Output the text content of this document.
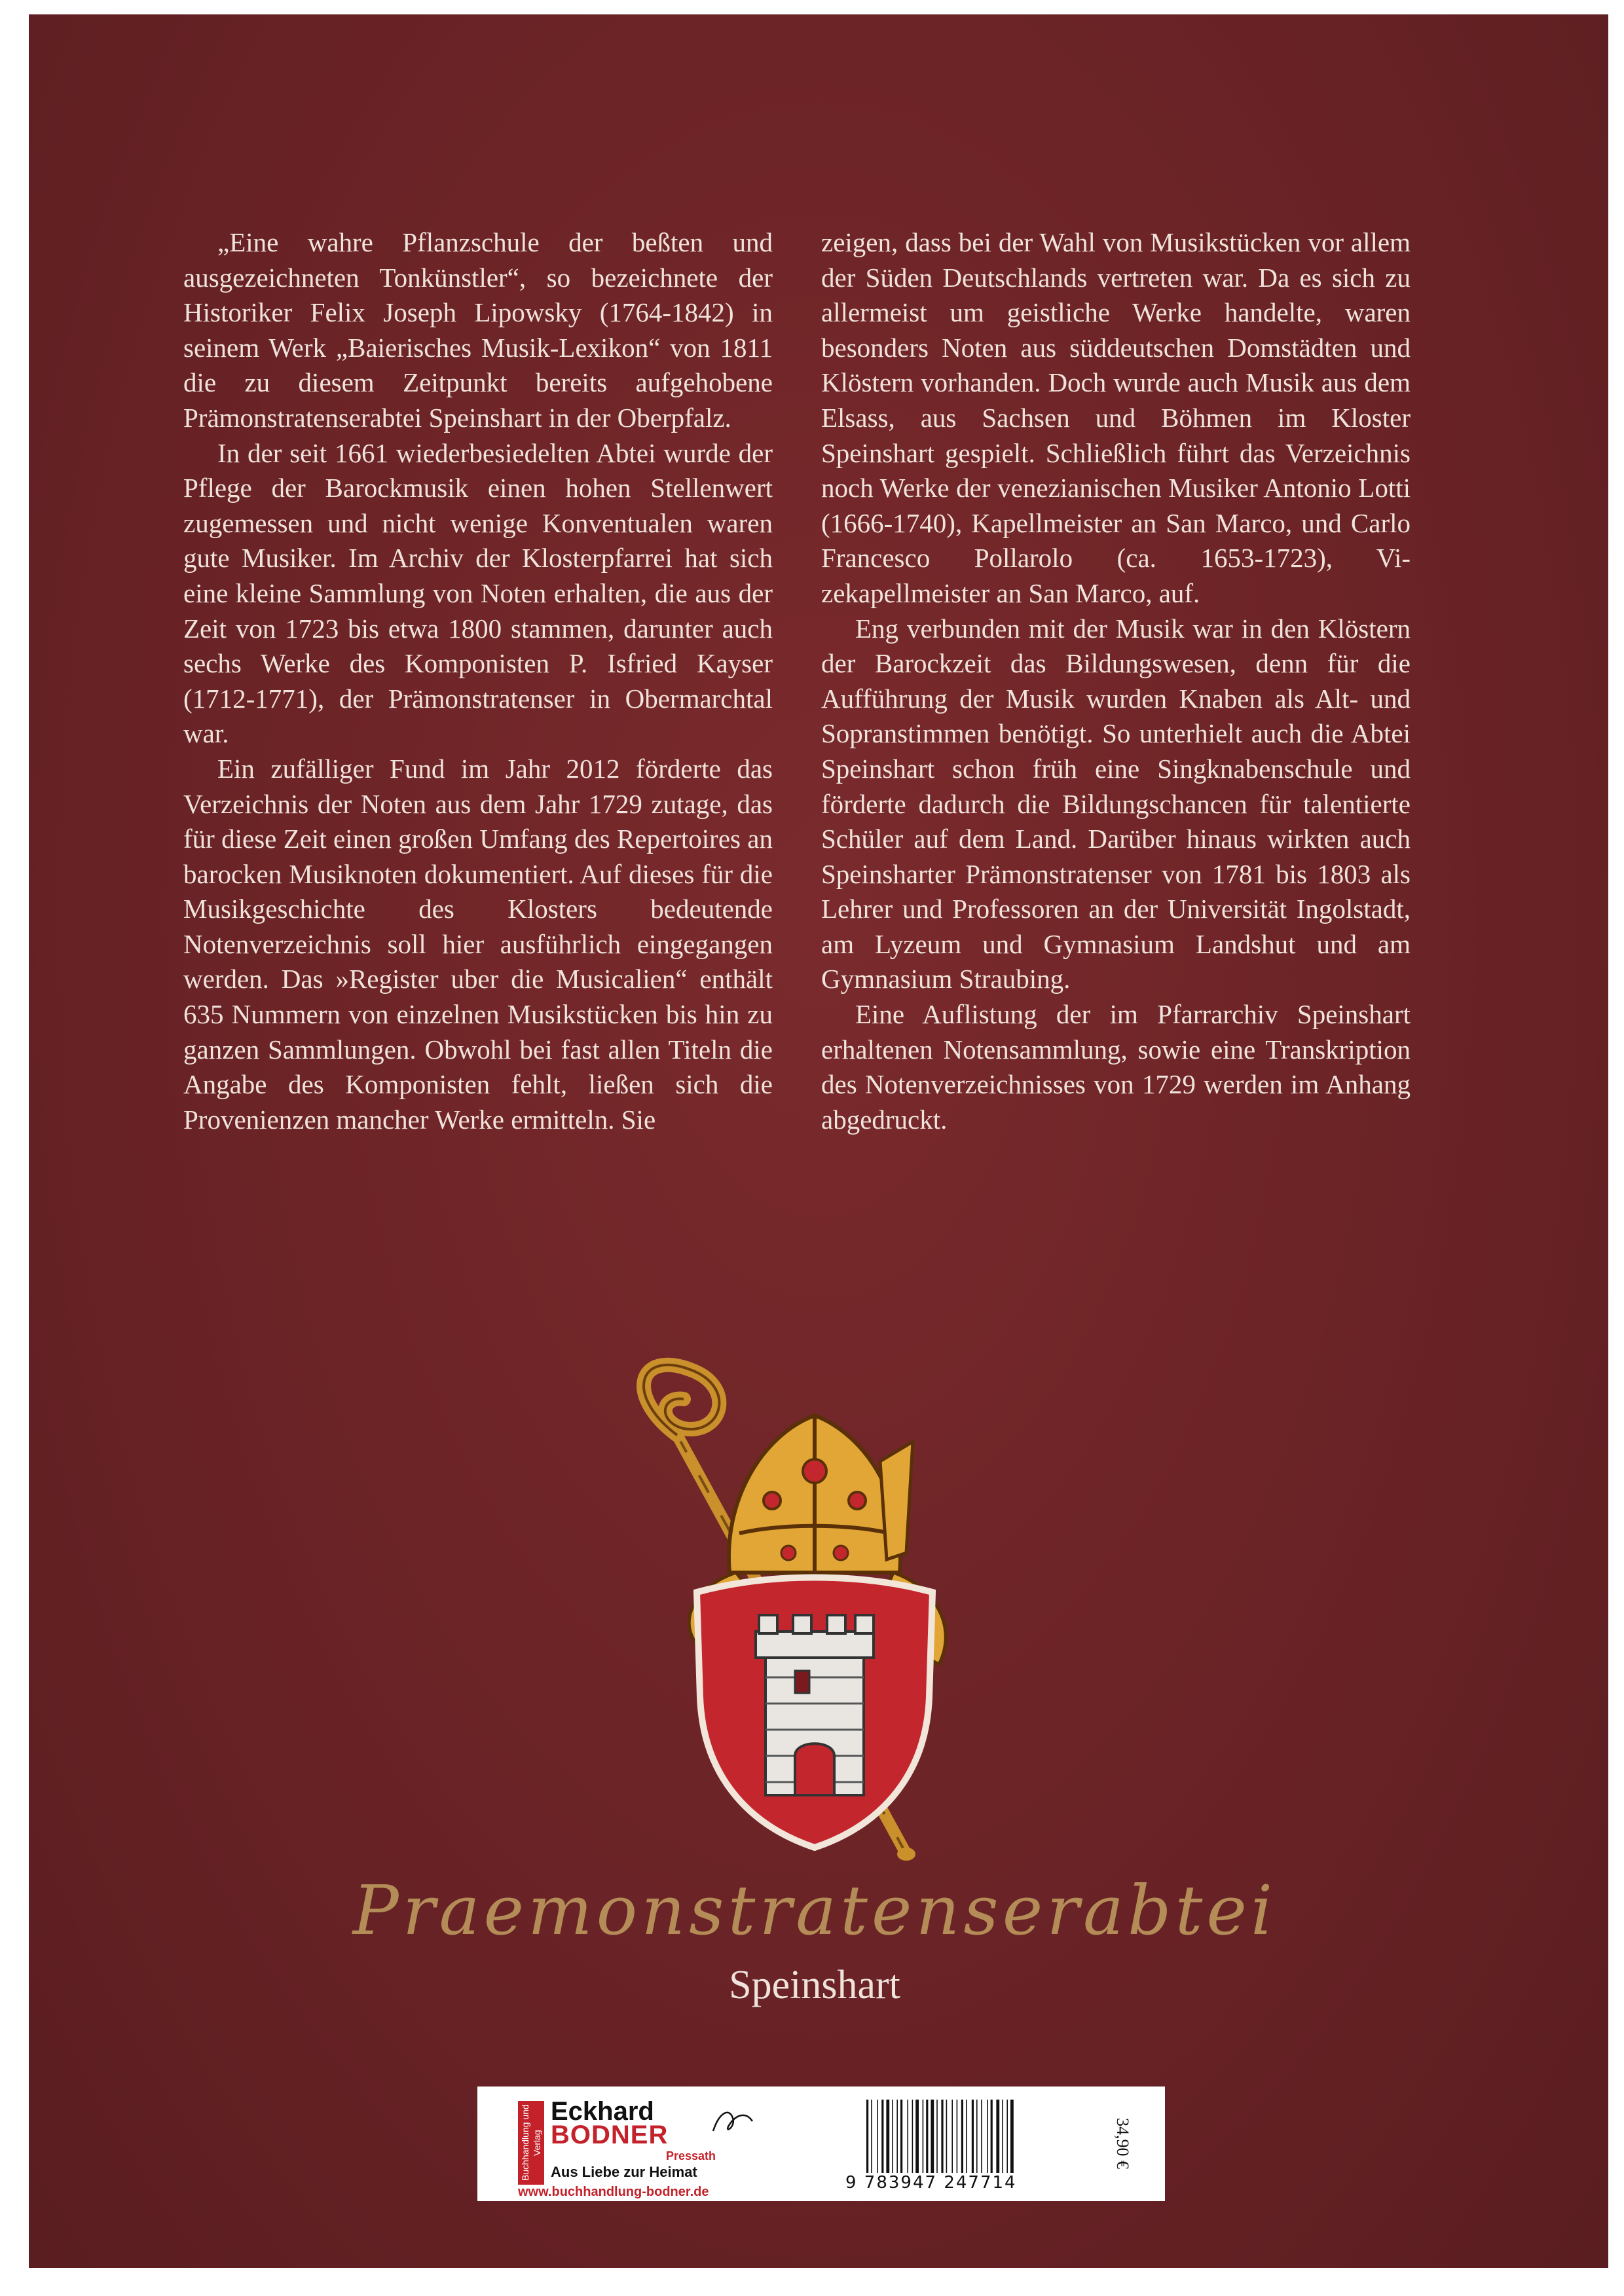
„Eine wahre Pflanzschule der beßten und ausgezeichneten Tonkünstler“, so bezeichnete der Historiker Felix Joseph Lipowsky (1764-1842) in seinem Werk „Baierisches Musik-Lexikon“ von 1811 die zu diesem Zeitpunkt bereits aufgehobene Prämonstratenserabtei Speinshart in der Oberpfalz.

In der seit 1661 wiederbesiedelten Abtei wurde der Pflege der Barockmusik einen hohen Stellenwert zugemessen und nicht wenige Konventualen waren gute Musiker. Im Archiv der Klosterpfarrei hat sich eine kleine Sammlung von Noten erhalten, die aus der Zeit von 1723 bis etwa 1800 stammen, darunter auch sechs Werke des Komponisten P. Isfried Kayser (1712-1771), der Prämonstratenser in Obermarchtal war.

Ein zufälliger Fund im Jahr 2012 förderte das Verzeichnis der Noten aus dem Jahr 1729 zutage, das für diese Zeit einen großen Umfang des Repertoires an barocken Musiknoten dokumentiert. Auf dieses für die Musikgeschichte des Klosters bedeutende Notenverzeichnis soll hier ausführlich eingegangen werden. Das »Register uber die Musicalien“ enthält 635 Nummern von einzelnen Musikstücken bis hin zu ganzen Sammlungen. Obwohl bei fast allen Titeln die Angabe des Komponisten fehlt, ließen sich die Provenienzen mancher Werke ermitteln. Sie

zeigen, dass bei der Wahl von Musikstücken vor allem der Süden Deutschlands vertreten war. Da es sich zu allermeist um geistliche Werke handelte, waren besonders Noten aus süddeutschen Domstädten und Klöstern vorhanden. Doch wurde auch Musik aus dem Elsass, aus Sachsen und Böhmen im Kloster Speinshart gespielt. Schließlich führt das Verzeichnis noch Werke der venezianischen Musiker Antonio Lotti (1666-1740), Kapellmeister an San Marco, und Carlo Francesco Pollarolo (ca. 1653-1723), Vizekapellmeister an San Marco, auf.

Eng verbunden mit der Musik war in den Klöstern der Barockzeit das Bildungswesen, denn für die Aufführung der Musik wurden Knaben als Alt- und Sopranstimmen benötigt. So unterhielt auch die Abtei Speinshart schon früh eine Singknabenschule und förderte dadurch die Bildungschancen für talentierte Schüler auf dem Land. Darüber hinaus wirkten auch Speinsharter Prämonstratenser von 1781 bis 1803 als Lehrer und Professoren an der Universität Ingolstadt, am Lyzeum und Gymnasium Landshut und am Gymnasium Straubing.

Eine Auflistung der im Pfarrarchiv Speinshart erhaltenen Notensammlung, sowie eine Transkription des Notenverzeichnisses von 1729 werden im Anhang abgedruckt.

Praemonstratenserabtei
Speinshart
Buchhandlung und Verlag
Eckhard
BODNER
Pressath
Aus Liebe zur Heimat
www.buchhandlung-bodner.de	9 783947 247714
34,90 €
